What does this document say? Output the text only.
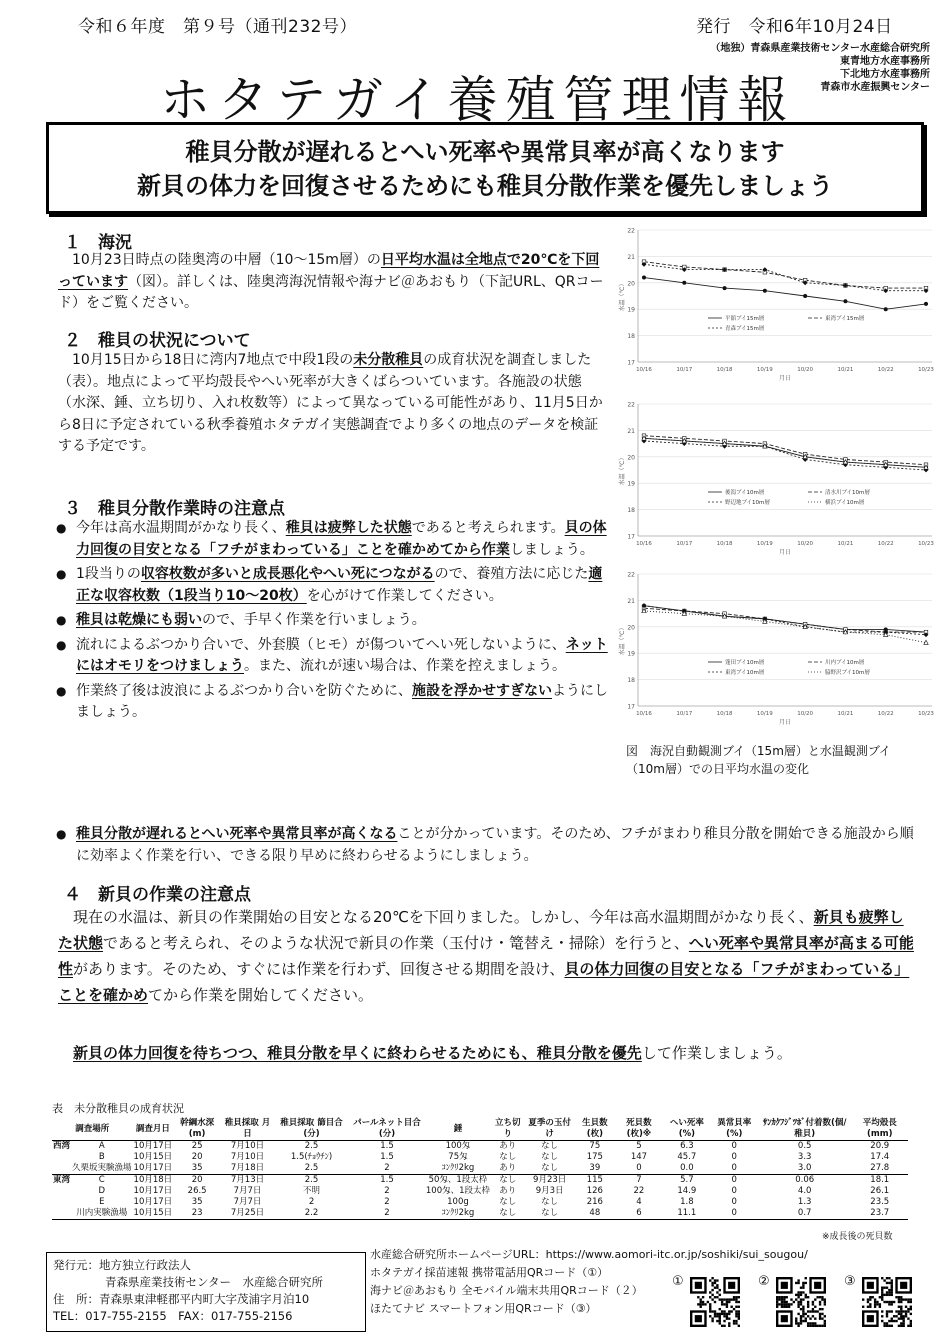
令和６年度　第９号（通刊232号）	発行　令和6年10月24日
（地独）青森県産業技術センター水産総合研究所
東青地方水産事務所
下北地方水産事務所
青森市水産振興センター
ホタテガイ養殖管理情報
稚貝分散が遅れるとへい死率や異常貝率が高くなります
新貝の体力を回復させるためにも稚貝分散作業を優先しましょう
１　海況
10月23日時点の陸奥湾の中層（10～15m層）の日平均水温は全地点で20℃を下回っています（図）。詳しくは、陸奥湾海況情報や海ナビ＠あおもり（下記URL、QRコード）をご覧ください。
２　稚貝の状況について
10月15日から18日に湾内7地点で中段1段の未分散稚貝の成育状況を調査しました（表）。地点によって平均殻長やへい死率が大きくばらついています。各施設の状態（水深、錘、立ち切り、入れ枚数等）によって異なっている可能性があり、11月5日から8日に予定されている秋季養殖ホタテガイ実態調査でより多くの地点のデータを検証する予定です。
３　稚貝分散作業時の注意点
● 今年は高水温期間がかなり長く、稚貝は疲弊した状態であると考えられます。貝の体力回復の目安となる「フチがまわっている」ことを確かめてから作業しましょう。
● 1段当りの収容枚数が多いと成長悪化やへい死につながるので、養殖方法に応じた適正な収容枚数（1段当り10～20枚）を心がけて作業してください。
● 稚貝は乾燥にも弱いので、手早く作業を行いましょう。
● 流れによるぶつかり合いで、外套膜（ヒモ）が傷ついてへい死しないように、ネットにはオモリをつけましょう。また、流れが速い場合は、作業を控えましょう。
● 作業終了後は波浪によるぶつかり合いを防ぐために、施設を浮かせすぎないようにしましょう。
● 稚貝分散が遅れるとへい死率や異常貝率が高くなることが分かっています。そのため、フチがまわり稚貝分散を開始できる施設から順に効率よく作業を行い、できる限り早めに終わらせるようにしましょう。
４　新貝の作業の注意点
現在の水温は、新貝の作業開始の目安となる20℃を下回りました。しかし、今年は高水温期間がかなり長く、新貝も疲弊した状態であると考えられ、そのような状況で新貝の作業（玉付け・篭替え・掃除）を行うと、へい死率や異常貝率が高まる可能性があります。そのため、すぐには作業を行わず、回復させる期間を設け、貝の体力回復の目安となる「フチがまわっている」ことを確かめてから作業を開始してください。
新貝の体力回復を待ちつつ、稚貝分散を早くに終わらせるためにも、稚貝分散を優先して作業しましょう。
17
18
19
20
21
22
10/16	10/17	10/18	10/19	10/20	10/21	10/22	10/23
月日
水温（℃）
平舘ブイ15m層	東湾ブイ15m層
青森ブイ15m層
17
18
19
20
21
22
10/16	10/17	10/18	10/19	10/20	10/21	10/22	10/23
月日
水温（℃）
後潟ブイ10m層	清水川ブイ10m層
野辺地ブイ10m層	横浜ブイ10m層
17
18
19
20
21
22
10/16	10/17	10/18	10/19	10/20	10/21	10/22	10/23
月日
水温（℃）
蓬田ブイ10m層	川内ブイ10m層
東湾ブイ10m層	脇野沢ブイ10m層
図　海況自動観測ブイ（15m層）と水温観測ブイ（10m層）での日平均水温の変化
表　未分散稚貝の成育状況
調査場所		調査月日	幹綱水深(m)	稚貝採取 月日	稚貝採取 篩目合(分)	パールネット目合(分)	錘	立ち切り	夏季の玉付け	生貝数(枚)	死貝数(枚)※	へい死率(%)	異常貝率(%)	ｻﾝｶｸﾌｼﾞﾂﾎﾞ付着数(個/稚貝)	平均殻長(mm)
西湾	A	10月17日	25	7月10日	2.5	1.5	100匁	あり	なし	75	5	6.3	0	0.5	20.9
	B	10月15日	20	7月10日	1.5(ﾁｮｳﾁﾝ)	1.5	75匁	なし	なし	175	147	45.7	0	3.3	17.4
	久栗坂実験漁場	10月17日	35	7月18日	2.5	2	ｺﾝｸﾘ2kg	あり	なし	39	0	0.0	0	3.0	27.8
東湾	C	10月18日	20	7月13日	2.5	1.5	50匁、1段太枠	なし	9月23日	115	7	5.7	0	0.06	18.1
	D	10月17日	26.5	7月7日	不明	2	100匁、1段太枠	あり	9月3日	126	22	14.9	0	4.0	26.1
	E	10月17日	35	7月7日	2	2	100g	なし	なし	216	4	1.8	0	1.3	23.5
	川内実験漁場	10月15日	23	7月25日	2.2	2	ｺﾝｸﾘ2kg	なし	なし	48	6	11.1	0	0.7	23.7
※成長後の死貝数
発行元：地方独立行政法人
青森県産業技術センター　水産総合研究所
住　所：青森県東津軽郡平内町大字茂浦字月泊10
TEL：017-755-2155　FAX：017-755-2156
水産総合研究所ホームページURL：https://www.aomori-itc.or.jp/soshiki/sui_sougou/
ホタテガイ採苗速報 携帯電話用QRコード（①）
海ナビ＠あおもり 全モバイル端末共用QRコード（２）
ほたてナビ スマートフォン用QRコード（③）
①	②	③
